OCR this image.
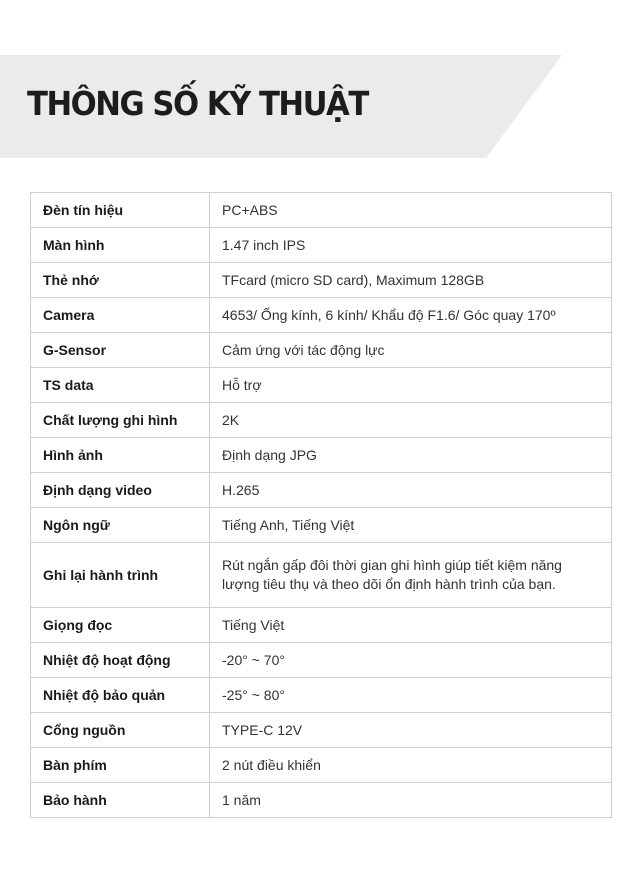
THÔNG SỐ KỸ THUẬT
Đèn tín hiệu	PC+ABS
Màn hình	1.47 inch IPS
Thẻ nhớ	TFcard (micro SD card), Maximum 128GB
Camera	4653/ Ống kính, 6 kính/ Khẩu độ F1.6/ Góc quay 170º
G-Sensor	Cảm ứng với tác động lực
TS data	Hỗ trợ
Chất lượng ghi hình	2K
Hình ảnh	Định dạng JPG
Định dạng video	H.265
Ngôn ngữ	Tiếng Anh, Tiếng Việt
Ghi lại hành trình	Rút ngắn gấp đôi thời gian ghi hình giúp tiết kiệm năng lượng tiêu thụ và theo dõi ổn định hành trình của bạn.
Giọng đọc	Tiếng Việt
Nhiệt độ hoạt động	-20° ~ 70°
Nhiệt độ bảo quản	-25° ~ 80°
Cổng nguồn	TYPE-C 12V
Bàn phím	2 nút điều khiển
Bảo hành	1 năm
